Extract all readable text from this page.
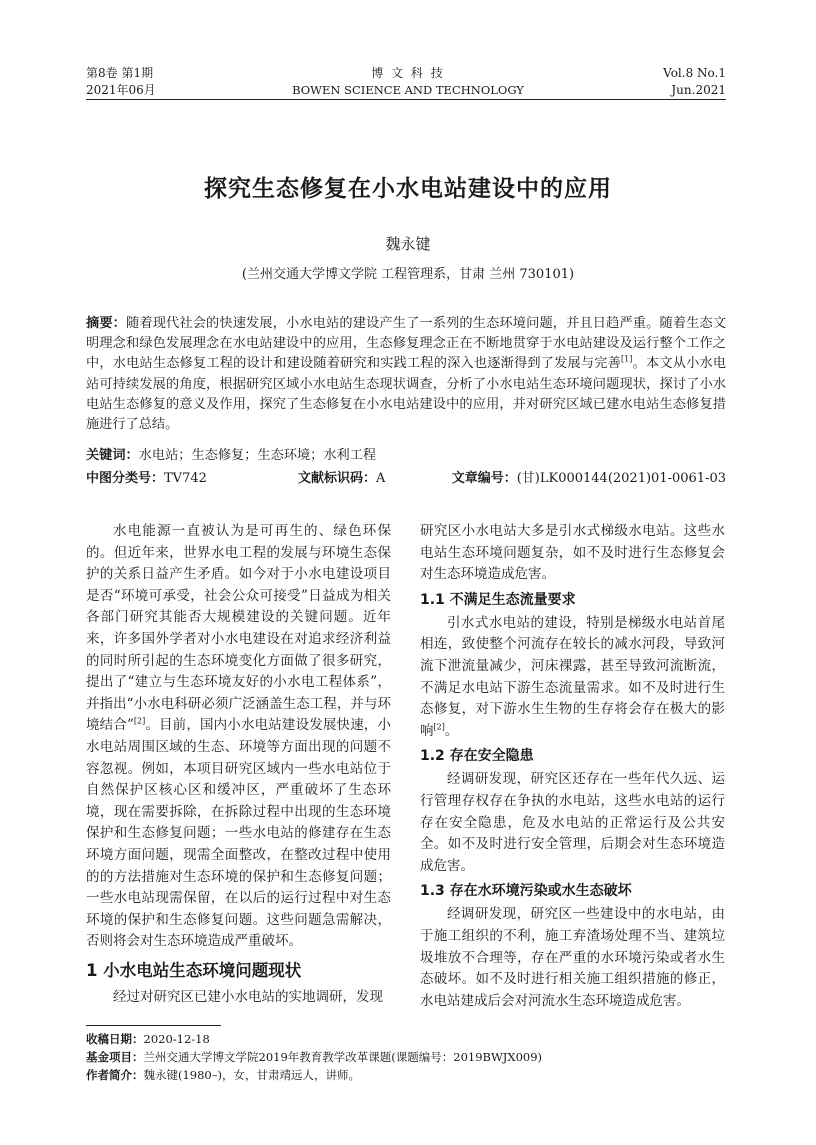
第8卷 第1期
2021年06月
博 文 科 技
BOWEN SCIENCE AND TECHNOLOGY
Vol.8 No.1
Jun.2021
探究生态修复在小水电站建设中的应用
魏永键
(兰州交通大学博文学院 工程管理系，甘肃 兰州 730101)
摘要：随着现代社会的快速发展，小水电站的建设产生了一系列的生态环境问题，并且日趋严重。随着生态文明理念和绿色发展理念在水电站建设中的应用，生态修复理念正在不断地贯穿于水电站建设及运行整个工作之中，水电站生态修复工程的设计和建设随着研究和实践工程的深入也逐渐得到了发展与完善[1]。本文从小水电站可持续发展的角度，根据研究区域小水电站生态现状调查，分析了小水电站生态环境问题现状，探讨了小水电站生态修复的意义及作用，探究了生态修复在小水电站建设中的应用，并对研究区域已建水电站生态修复措施进行了总结。
关键词：水电站；生态修复；生态环境；水利工程
中图分类号：TV742	文献标识码：A	文章编号：(甘)LK000144(2021)01-0061-03

水电能源一直被认为是可再生的、绿色环保的。但近年来，世界水电工程的发展与环境生态保护的关系日益产生矛盾。如今对于小水电建设项目是否“环境可承受，社会公众可接受”日益成为相关各部门研究其能否大规模建设的关键问题。近年来，许多国外学者对小水电建设在对追求经济利益的同时所引起的生态环境变化方面做了很多研究，提出了“建立与生态环境友好的小水电工程体系”，并指出“小水电科研必须广泛涵盖生态工程，并与环境结合”[2]。目前，国内小水电站建设发展快速，小水电站周围区域的生态、环境等方面出现的问题不容忽视。例如，本项目研究区域内一些水电站位于自然保护区核心区和缓冲区，严重破坏了生态环境，现在需要拆除，在拆除过程中出现的生态环境保护和生态修复问题；一些水电站的修建存在生态环境方面问题，现需全面整改，在整改过程中使用的的方法措施对生态环境的保护和生态修复问题；一些水电站现需保留，在以后的运行过程中对生态环境的保护和生态修复问题。这些问题急需解决，否则将会对生态环境造成严重破坏。

1 小水电站生态环境问题现状

经过对研究区已建小水电站的实地调研，发现

研究区小水电站大多是引水式梯级水电站。这些水电站生态环境问题复杂，如不及时进行生态修复会对生态环境造成危害。

1.1 不满足生态流量要求

引水式水电站的建设，特别是梯级水电站首尾相连，致使整个河流存在较长的减水河段，导致河流下泄流量减少，河床裸露，甚至导致河流断流，不满足水电站下游生态流量需求。如不及时进行生态修复，对下游水生生物的生存将会存在极大的影响[2]。

1.2 存在安全隐患

经调研发现，研究区还存在一些年代久远、运行管理存权存在争执的水电站，这些水电站的运行存在安全隐患，危及水电站的正常运行及公共安全。如不及时进行安全管理，后期会对生态环境造成危害。

1.3 存在水环境污染或水生态破坏

经调研发现，研究区一些建设中的水电站，由于施工组织的不利，施工弃渣场处理不当、建筑垃圾堆放不合理等，存在严重的水环境污染或者水生态破坏。如不及时进行相关施工组织措施的修正，水电站建成后会对河流水生态环境造成危害。

收稿日期：2020-12-18
基金项目：兰州交通大学博文学院2019年教育教学改革课题(课题编号：2019BWJX009)
作者简介：魏永键(1980–)，女，甘肃靖远人，讲师。
